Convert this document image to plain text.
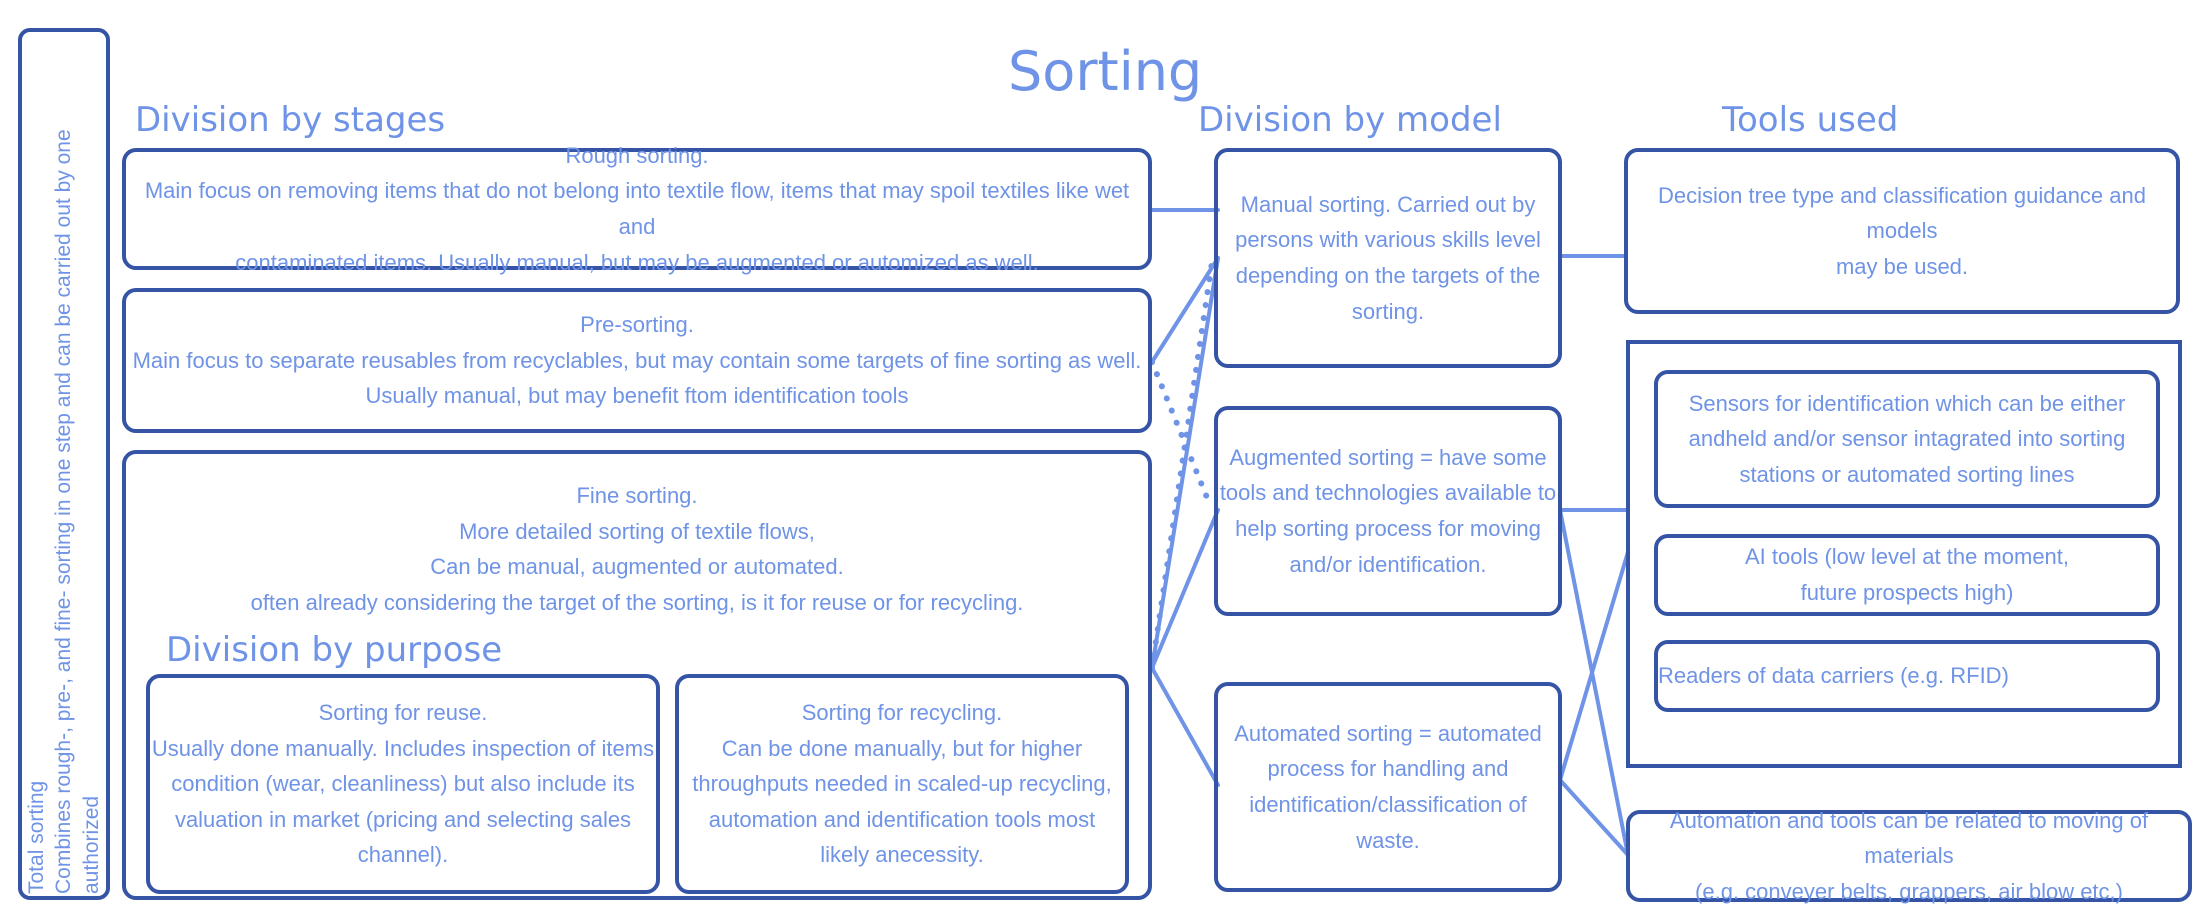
Total sorting
Combines rough-, pre-, and fine- sorting in one step and can be carried out by one authorized
Sorting
Division by stages	Division by model	Tools used
Rough sorting.
Main focus on removing items that do not belong into textile flow, items that may spoil textiles like wet and
contaminated items. Usually manual, but may be augmented or automized as well.
Pre-sorting.
Main focus to separate reusables from recyclables, but may contain some targets of fine sorting as well.
Usually manual, but may benefit ftom identification tools
Fine sorting.
More detailed sorting of textile flows,
Can be manual, augmented or automated.
often already considering the target of the sorting, is it for reuse or for recycling.
Division by purpose
Sorting for reuse.
Usually done manually. Includes inspection of items
condition (wear, cleanliness) but also include its
valuation in market (pricing and selecting sales
channel).
Sorting for recycling.
Can be done manually, but for higher
throughputs needed in scaled-up recycling,
automation and identification tools most
likely anecessity.
Manual sorting. Carried out by
persons with various skills level
depending on the targets of the
sorting.
Augmented sorting = have some
tools and technologies available to
help sorting process for moving
and/or identification.
Automated sorting = automated
process for handling and
identification/classification of
waste.
Decision tree type and classification guidance and models
may be used.
Sensors for identification which can be either
andheld and/or sensor intagrated into sorting
stations or automated sorting lines
AI tools (low level at the moment,
future prospects high)
Readers of data carriers (e.g. RFID)
Automation and tools can be related to moving of materials
(e.g. conveyer belts, grappers, air blow etc,)
